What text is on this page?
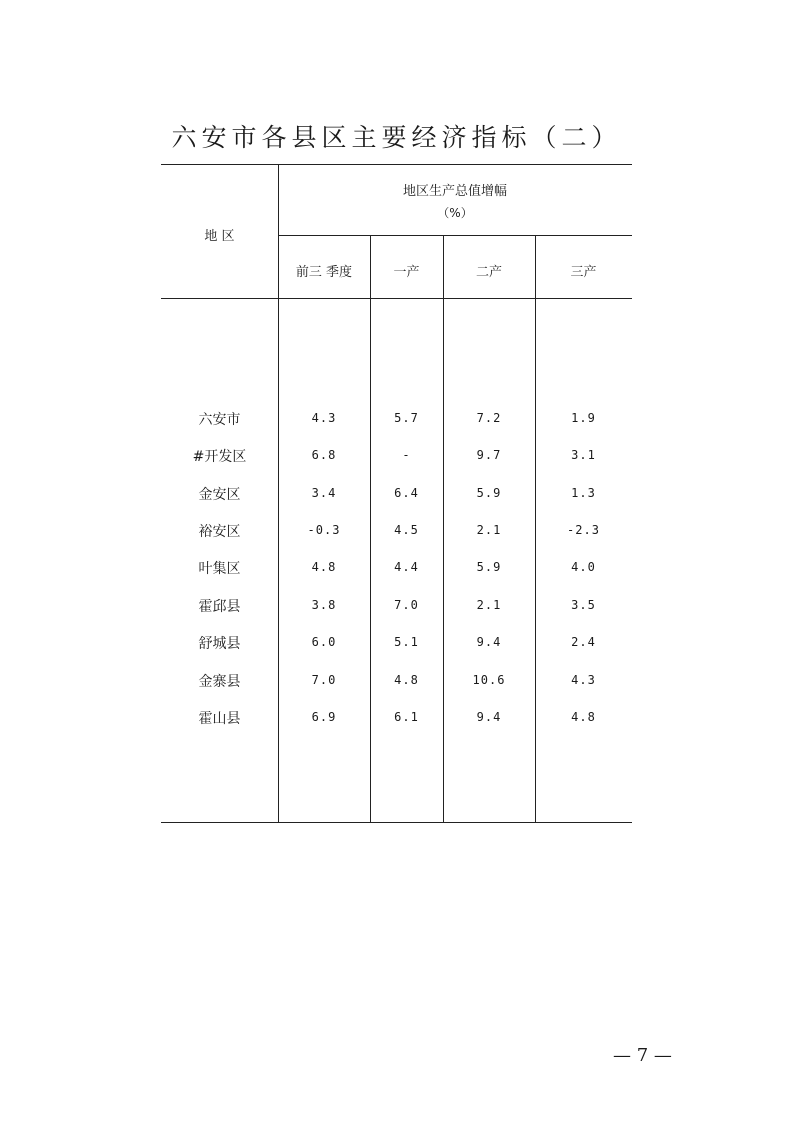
六安市各县区主要经济指标（二）
地 区
地区生产总值增幅
（%）
前三 季度	一产	二产	三产
六安市	4.3	5.7	7.2	1.9
#开发区	6.8	-	9.7	3.1
金安区	3.4	6.4	5.9	1.3
裕安区	-0.3	4.5	2.1	-2.3
叶集区	4.8	4.4	5.9	4.0
霍邱县	3.8	7.0	2.1	3.5
舒城县	6.0	5.1	9.4	2.4
金寨县	7.0	4.8	10.6	4.3
霍山县	6.9	6.1	9.4	4.8
— 7 —
